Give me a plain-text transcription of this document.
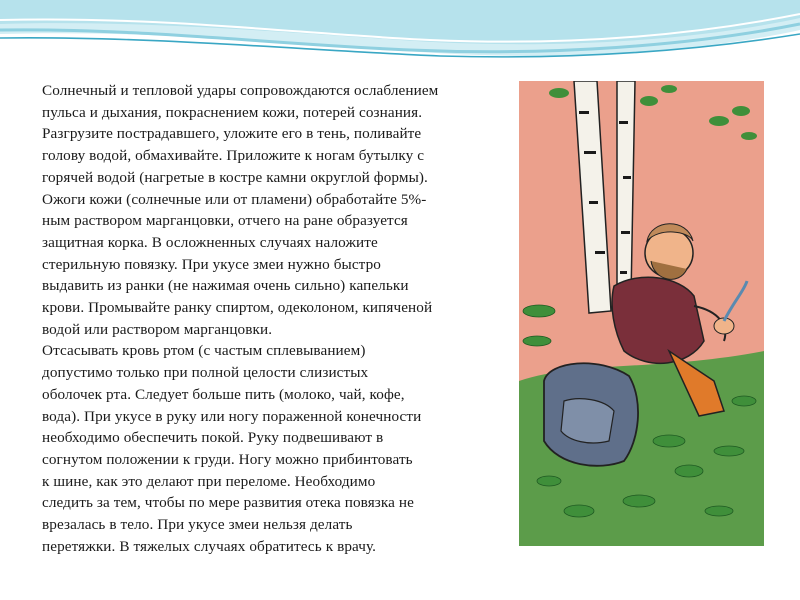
Солнечный и тепловой удары сопровождаются ослаблением
пульса и дыхания, покраснением кожи, потерей сознания.
Разгрузите пострадавшего, уложите его в тень, поливайте
голову водой, обмахивайте. Приложите к ногам бутылку с
горячей водой (нагретые в костре камни округлой формы).
Ожоги кожи (солнечные или от пламени) обработайте 5%-
ным раствором марганцовки, отчего на ране образуется
защитная корка. В осложненных случаях наложите
стерильную повязку. При укусе змеи нужно быстро
выдавить из ранки (не нажимая очень сильно) капельки
крови. Промывайте ранку спиртом, одеколоном, кипяченой
водой или раствором марганцовки.

Отсасывать кровь ртом (с частым сплевыванием)
допустимо только при полной целости слизистых
оболочек рта. Следует больше пить (молоко, чай, кофе,
вода). При укусе в руку или ногу пораженной конечности
необходимо обеспечить покой. Руку подвешивают в
согнутом положении к груди. Ногу можно прибинтовать
к шине, как это делают при переломе. Необходимо
следить за тем, чтобы по мере развития отека повязка не
врезалась в тело. При укусе змеи нельзя делать
перетяжки. В тяжелых случаях обратитесь к врачу.
